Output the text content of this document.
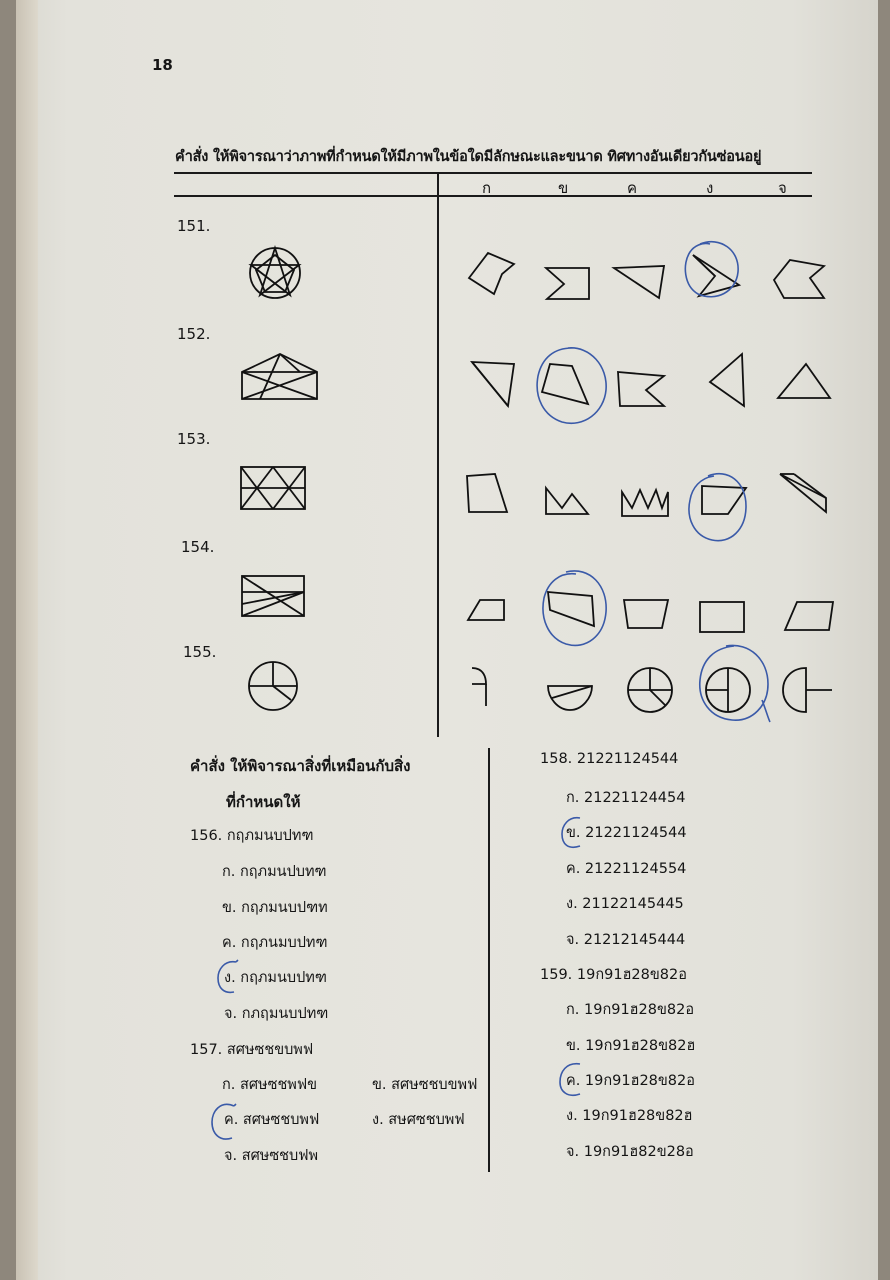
18
คำสั่ง ให้พิจารณาว่าภาพที่กำหนดให้มีภาพในข้อใดมีลักษณะและขนาด ทิศทางอันเดียวกันซ่อนอยู่
ก	ข	ค	ง	จ
151.
152.
153.
154.
155.
คำสั่ง ให้พิจารณาสิ่งที่เหมือนกับสิ่ง
ที่กำหนดให้
156. กฤภมนบปทฑ
ก. กฤภมนปบทฑ
ข. กฤภมนบปฑท
ค. กฤภนมบปทฑ
ง. กฤภมนบปทฑ
จ. กภฤมนบปทฑ
157. สศษซชขบพฟ
ก. สศษซชพฟข	ข. สศษซชบขพฟ
ค. สศษซชบพฟ	ง. สษศซชบพฟ
จ. สศษซชบฟพ
158. 21221124544
ก. 21221124454
ข. 21221124544
ค. 21221124554
ง. 21122145445
จ. 21212145444
159. 19ก91ฮ28ข82อ
ก. 19ก91ฮ28ข82อ
ข. 19ก91ฮ28ข82ฮ
ค. 19ก91ฮ28ข82อ
ง. 19ก91ฮ28ข82ฮ
จ. 19ก91ฮ82ข28อ
